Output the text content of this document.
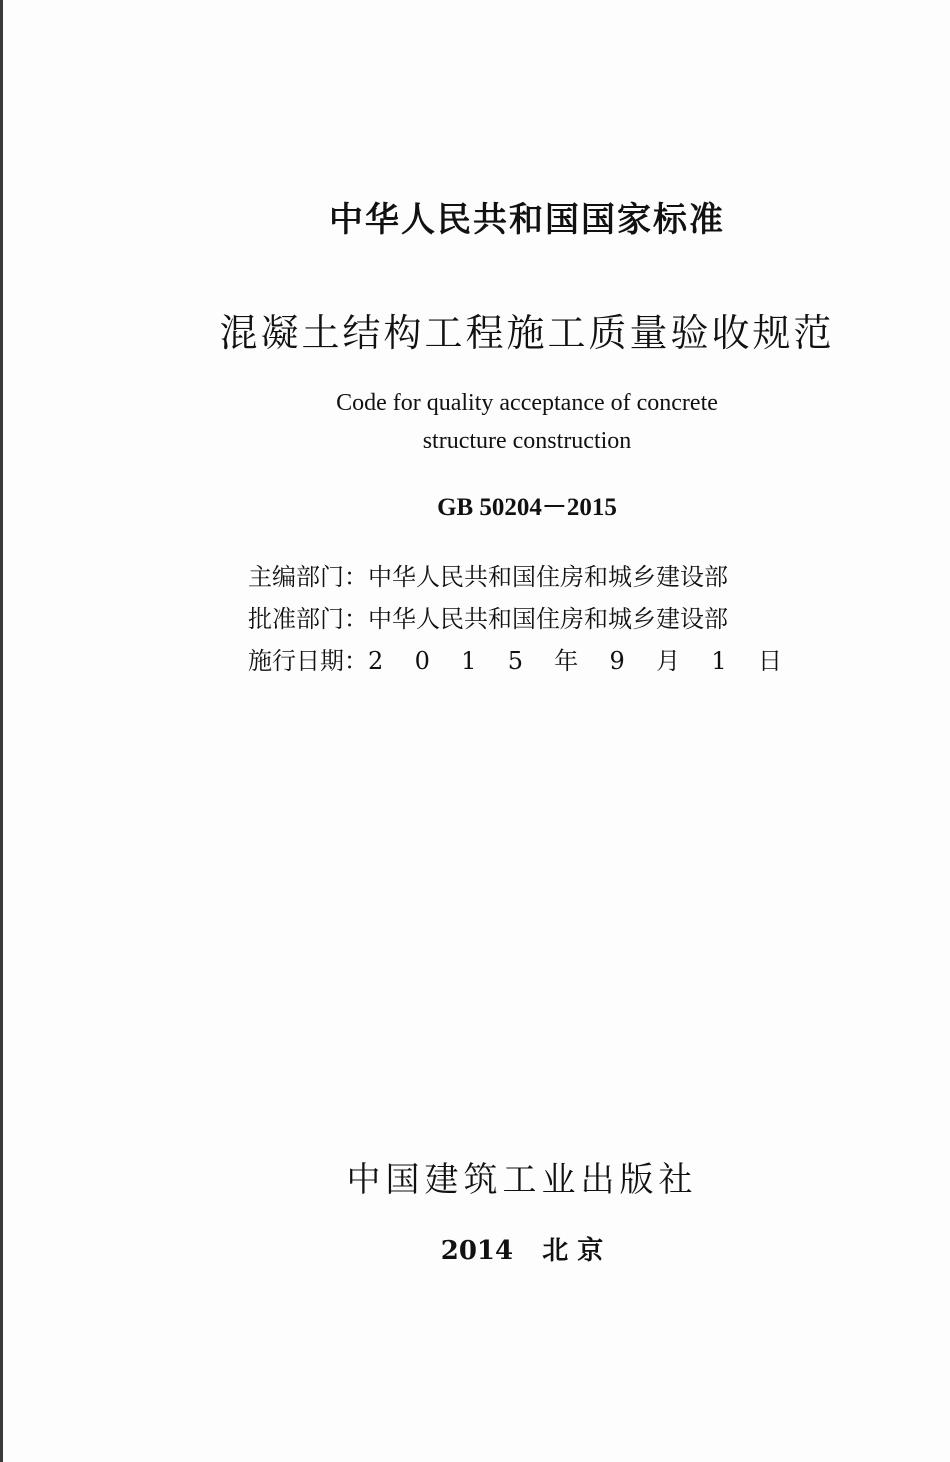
中华人民共和国国家标准
混凝土结构工程施工质量验收规范
Code for quality acceptance of concrete
structure construction
GB 50204－2015
主编部门： 中华人民共和国住房和城乡建设部
批准部门： 中华人民共和国住房和城乡建设部
施行日期： 2 0 1 5 年 9 月 1 日
中国建筑工业出版社
2014 北 京
